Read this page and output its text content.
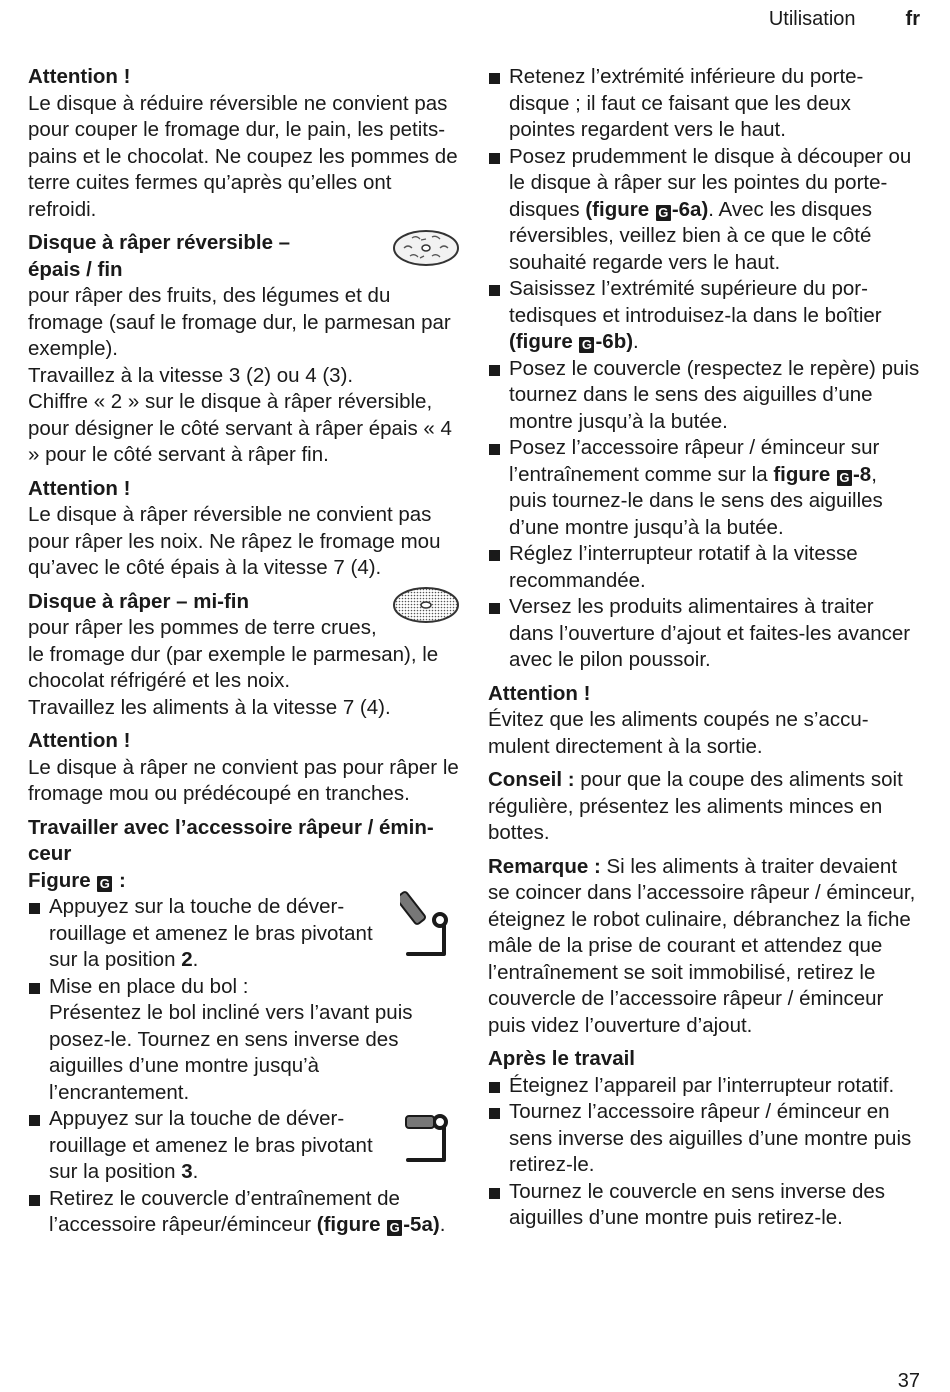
Utilisation	fr

Attention !

Le disque à réduire réversible ne convient pas pour couper le fromage dur, le pain, les petits-pains et le chocolat. Ne coupez les pommes de terre cuites fermes qu’après qu’elles ont refroidi.

Disque à râper réversible – épais / fin

pour râper des fruits, des légumes et du fromage (sauf le fromage dur, le parmesan par exemple).

Travaillez à la vitesse 3 (2) ou 4 (3).

Chiffre « 2 » sur le disque à râper réversible, pour désigner le côté servant à râper épais « 4 » pour le côté servant à râper fin.

Attention !

Le disque à râper réversible ne convient pas pour râper les noix. Ne râpez le fromage mou qu’avec le côté épais à la vitesse 7 (4).

Disque à râper – mi-fin

pour râper les pommes de terre crues, le fromage dur (par exemple le parmesan), le chocolat réfrigéré et les noix.

Travaillez les aliments à la vitesse 7 (4).

Attention !

Le disque à râper ne convient pas pour râper le fromage mou ou prédécoupé en tranches.

Travailler avec l’accessoire râpeur / éminceur

Figure G :

Appuyez sur la touche de déverrouillage et amenez le bras pivotant sur la position 2.

Mise en place du bol :

Présentez le bol incliné vers l’avant puis posez-le. Tournez en sens inverse des aiguilles d’une montre jusqu’à l’encrantement.

Appuyez sur la touche de déverrouillage et amenez le bras pivotant sur la position 3.
Retirez le couvercle d’entraînement de l’accessoire râpeur/éminceur (figure G -5a).
Retenez l’extrémité inférieure du porte-disque ; il faut ce faisant que les deux pointes regardent vers le haut.
Posez prudemment le disque à découper ou le disque à râper sur les pointes du porte-disques (figure G -6a). Avec les disques réversibles, veillez bien à ce que le côté souhaité regarde vers le haut.
Saisissez l’extrémité supérieure du portedisques et introduisez-la dans le boîtier (figure G -6b).
Posez le couvercle (respectez le repère) puis tournez dans le sens des aiguilles d’une montre jusqu’à la butée.
Posez l’accessoire râpeur / éminceur sur l’entraînement comme sur la figure G -8, puis tournez-le dans le sens des aiguilles d’une montre jusqu’à la butée.
Réglez l’interrupteur rotatif à la vitesse recommandée.
Versez les produits alimentaires à traiter dans l’ouverture d’ajout et faites-les avancer avec le pilon poussoir.

Attention !

Évitez que les aliments coupés ne s’accumulent directement à la sortie.

Conseil : pour que la coupe des aliments soit régulière, présentez les aliments minces en bottes.

Remarque : Si les aliments à traiter devaient se coincer dans l’accessoire râpeur / éminceur, éteignez le robot culinaire, débranchez la fiche mâle de la prise de courant et attendez que l’entraînement se soit immobilisé, retirez le couvercle de l’accessoire râpeur / éminceur puis videz l’ouverture d’ajout.

Après le travail

Éteignez l’appareil par l’interrupteur rotatif.
Tournez l’accessoire râpeur / éminceur en sens inverse des aiguilles d’une montre puis retirez-le.
Tournez le couvercle en sens inverse des aiguilles d’une montre puis retirez-le.
37
